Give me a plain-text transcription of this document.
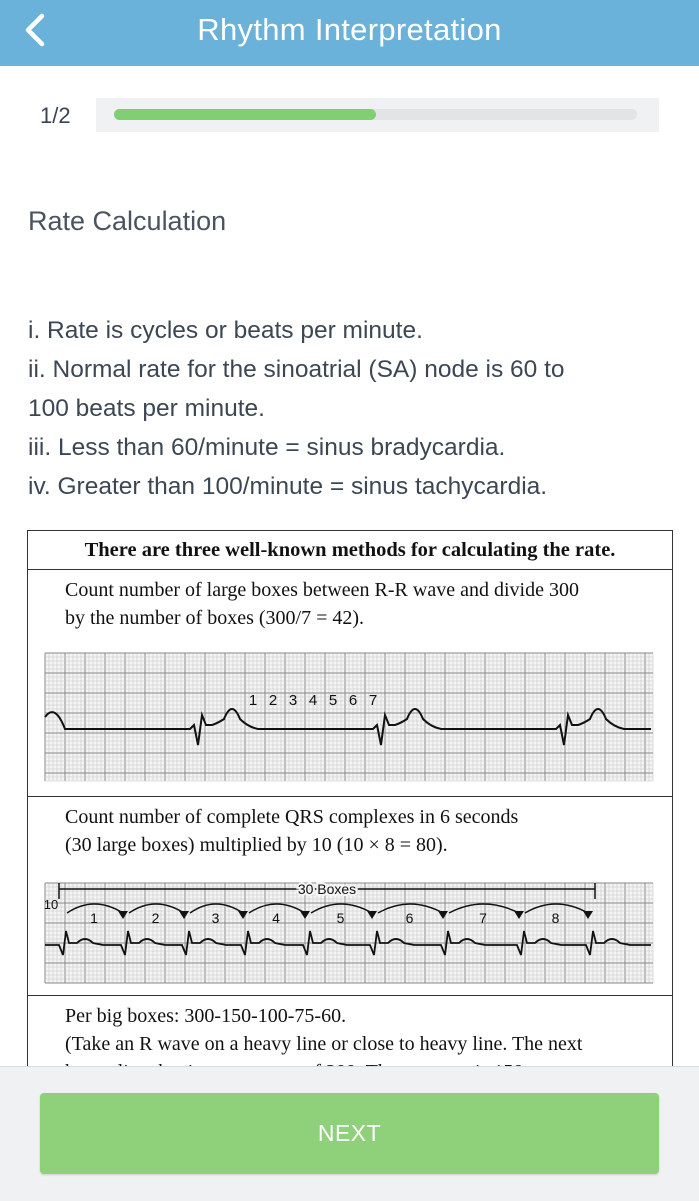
Rhythm Interpretation
1/2
Rate Calculation
i. Rate is cycles or beats per minute.
ii. Normal rate for the sinoatrial (SA) node is 60 to
100 beats per minute.
iii. Less than 60/minute = sinus bradycardia.
iv. Greater than 100/minute = sinus tachycardia.
There are three well-known methods for calculating the rate.
Count number of large boxes between R-R wave and divide 300
by the number of boxes (300/7 = 42).
1 2 3 4 5 6 7
Count number of complete QRS complexes in 6 seconds
(30 large boxes) multiplied by 10 (10 × 8 = 80).
30 Boxes
10
1	2	3	4	5	6	7	8
Per big boxes: 300-150-100-75-60.
(Take an R wave on a heavy line or close to heavy line. The next
NEXT
